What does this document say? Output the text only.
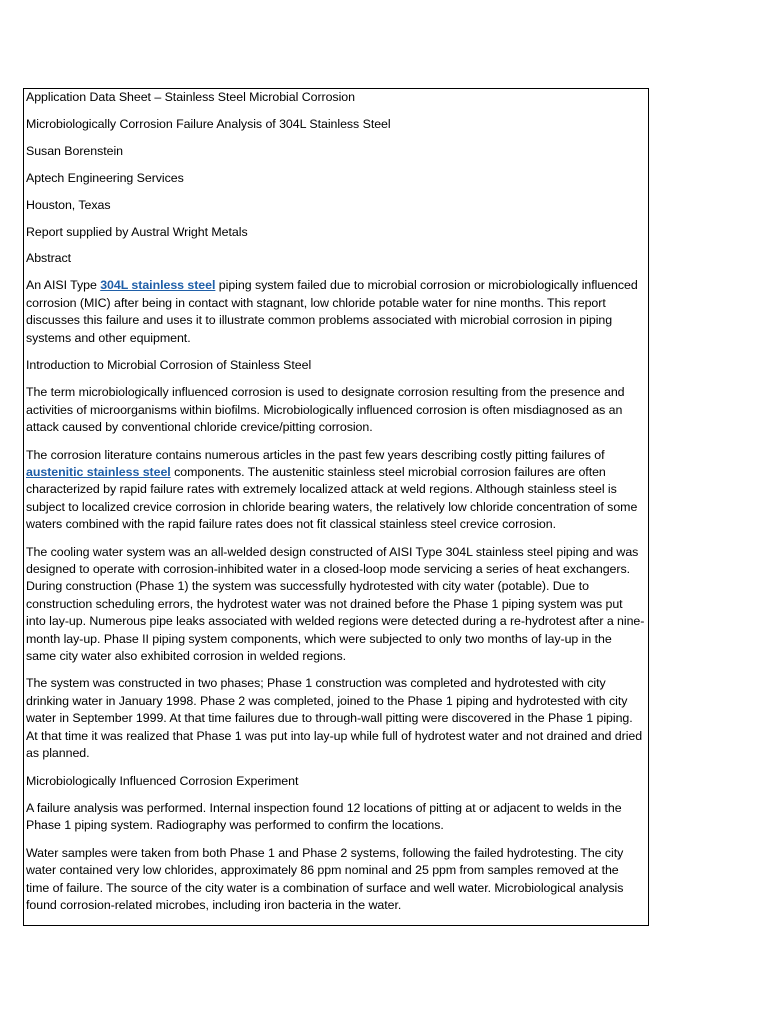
Application Data Sheet – Stainless Steel Microbial Corrosion

Microbiologically Corrosion Failure Analysis of 304L Stainless Steel

Susan Borenstein

Aptech Engineering Services

Houston, Texas

Report supplied by Austral Wright Metals

Abstract

An AISI Type 304L stainless steel piping system failed due to microbial corrosion or microbiologically influenced corrosion (MIC) after being in contact with stagnant, low chloride potable water for nine months. This report discusses this failure and uses it to illustrate common problems associated with microbial corrosion in piping systems and other equipment.

Introduction to Microbial Corrosion of Stainless Steel

The term microbiologically influenced corrosion is used to designate corrosion resulting from the presence and activities of microorganisms within biofilms. Microbiologically influenced corrosion is often misdiagnosed as an attack caused by conventional chloride crevice/pitting corrosion.

The corrosion literature contains numerous articles in the past few years describing costly pitting failures of austenitic stainless steel components. The austenitic stainless steel microbial corrosion failures are often characterized by rapid failure rates with extremely localized attack at weld regions. Although stainless steel is subject to localized crevice corrosion in chloride bearing waters, the relatively low chloride concentration of some waters combined with the rapid failure rates does not fit classical stainless steel crevice corrosion.

The cooling water system was an all-welded design constructed of AISI Type 304L stainless steel piping and was designed to operate with corrosion-inhibited water in a closed-loop mode servicing a series of heat exchangers. During construction (Phase 1) the system was successfully hydrotested with city water (potable). Due to construction scheduling errors, the hydrotest water was not drained before the Phase 1 piping system was put into lay-up. Numerous pipe leaks associated with welded regions were detected during a re-hydrotest after a nine-month lay-up. Phase II piping system components, which were subjected to only two months of lay-up in the same city water also exhibited corrosion in welded regions.

The system was constructed in two phases; Phase 1 construction was completed and hydrotested with city drinking water in January 1998. Phase 2 was completed, joined to the Phase 1 piping and hydrotested with city water in September 1999. At that time failures due to through-wall pitting were discovered in the Phase 1 piping. At that time it was realized that Phase 1 was put into lay-up while full of hydrotest water and not drained and dried as planned.

Microbiologically Influenced Corrosion Experiment

A failure analysis was performed. Internal inspection found 12 locations of pitting at or adjacent to welds in the Phase 1 piping system. Radiography was performed to confirm the locations.

Water samples were taken from both Phase 1 and Phase 2 systems, following the failed hydrotesting. The city water contained very low chlorides, approximately 86 ppm nominal and 25 ppm from samples removed at the time of failure. The source of the city water is a combination of surface and well water. Microbiological analysis found corrosion-related microbes, including iron bacteria in the water.
